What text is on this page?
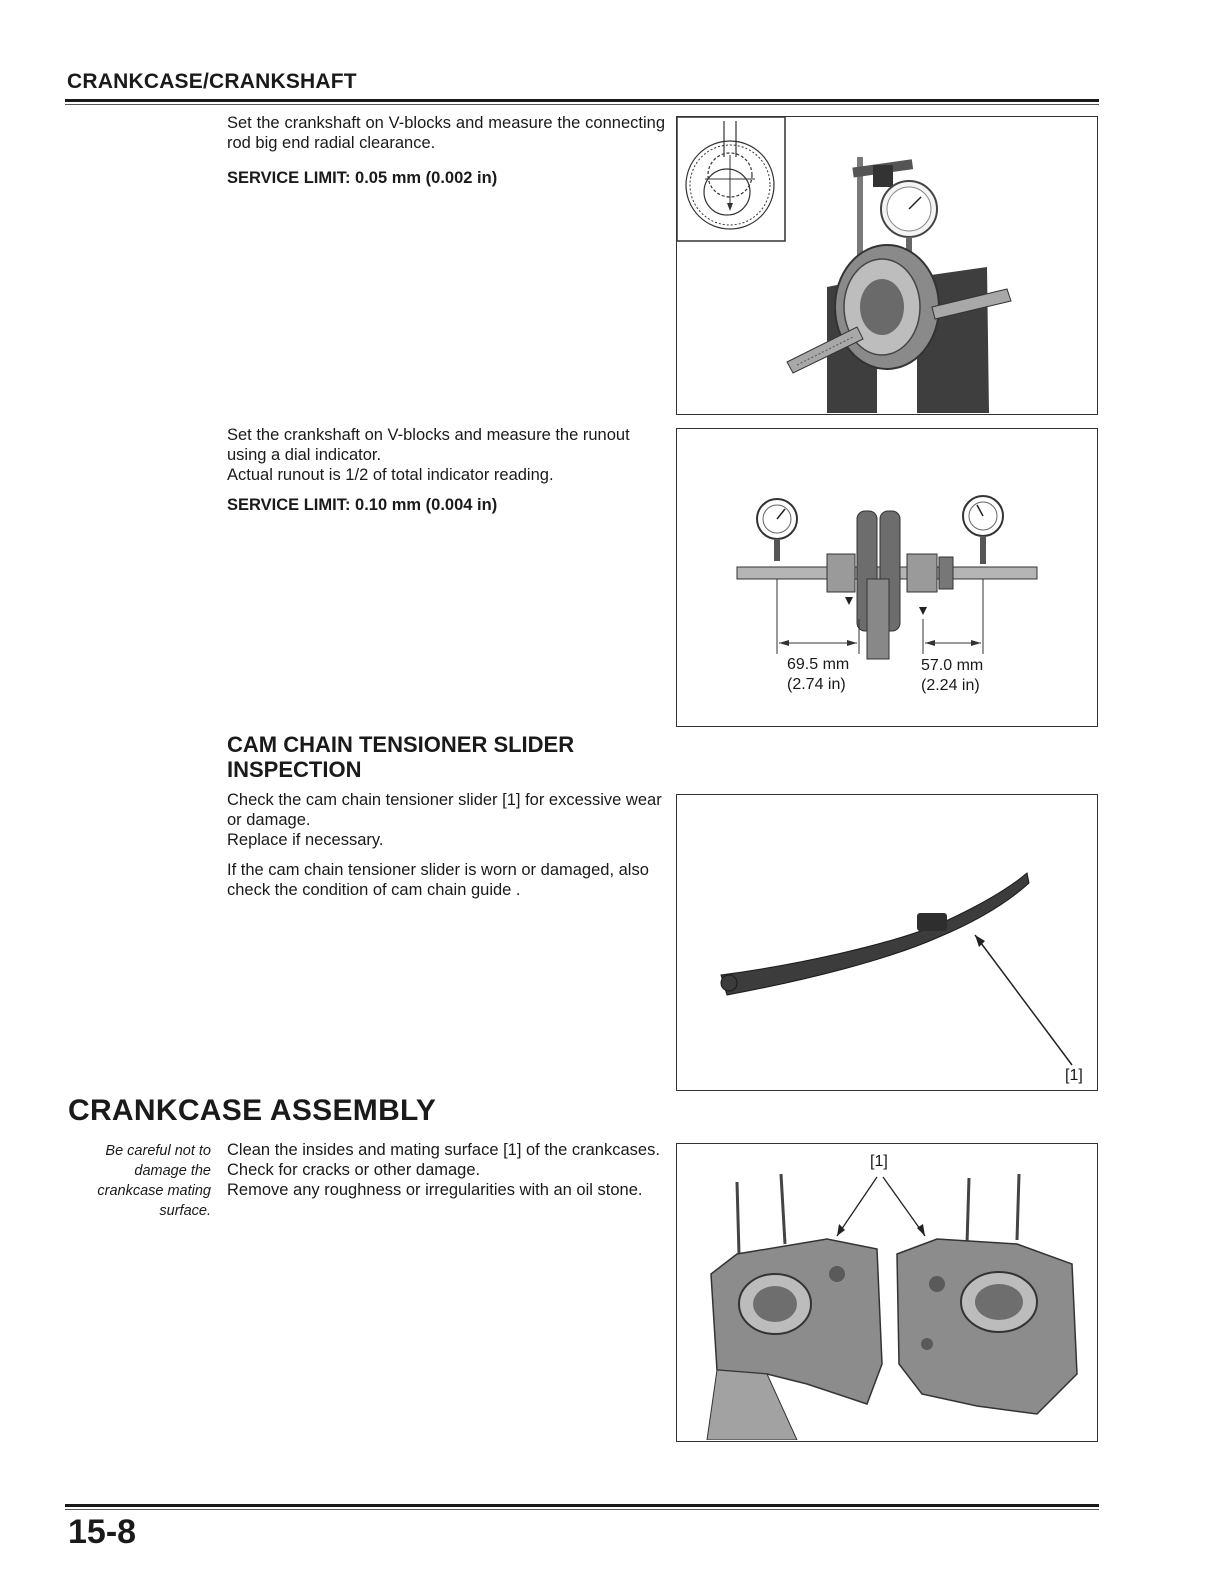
CRANKCASE/CRANKSHAFT

Set the crankshaft on V-blocks and measure the connecting rod big end radial clearance.

SERVICE LIMIT: 0.05 mm (0.002 in)

Set the crankshaft on V-blocks and measure the runout using a dial indicator.

Actual runout is 1/2 of total indicator reading.

SERVICE LIMIT: 0.10 mm (0.004 in)
69.5 mm
(2.74 in)
57.0 mm
(2.24 in)
CAM CHAIN TENSIONER SLIDER INSPECTION

Check the cam chain tensioner slider [1] for excessive wear or damage.

Replace if necessary.

If the cam chain tensioner slider is worn or damaged, also check the condition of cam chain guide .

[1]
CRANKCASE ASSEMBLY
Be careful not to damage the crankcase mating surface.

Clean the insides and mating surface [1] of the crankcases.

Check for cracks or other damage.

Remove any roughness or irregularities with an oil stone.

[1]
15-8
